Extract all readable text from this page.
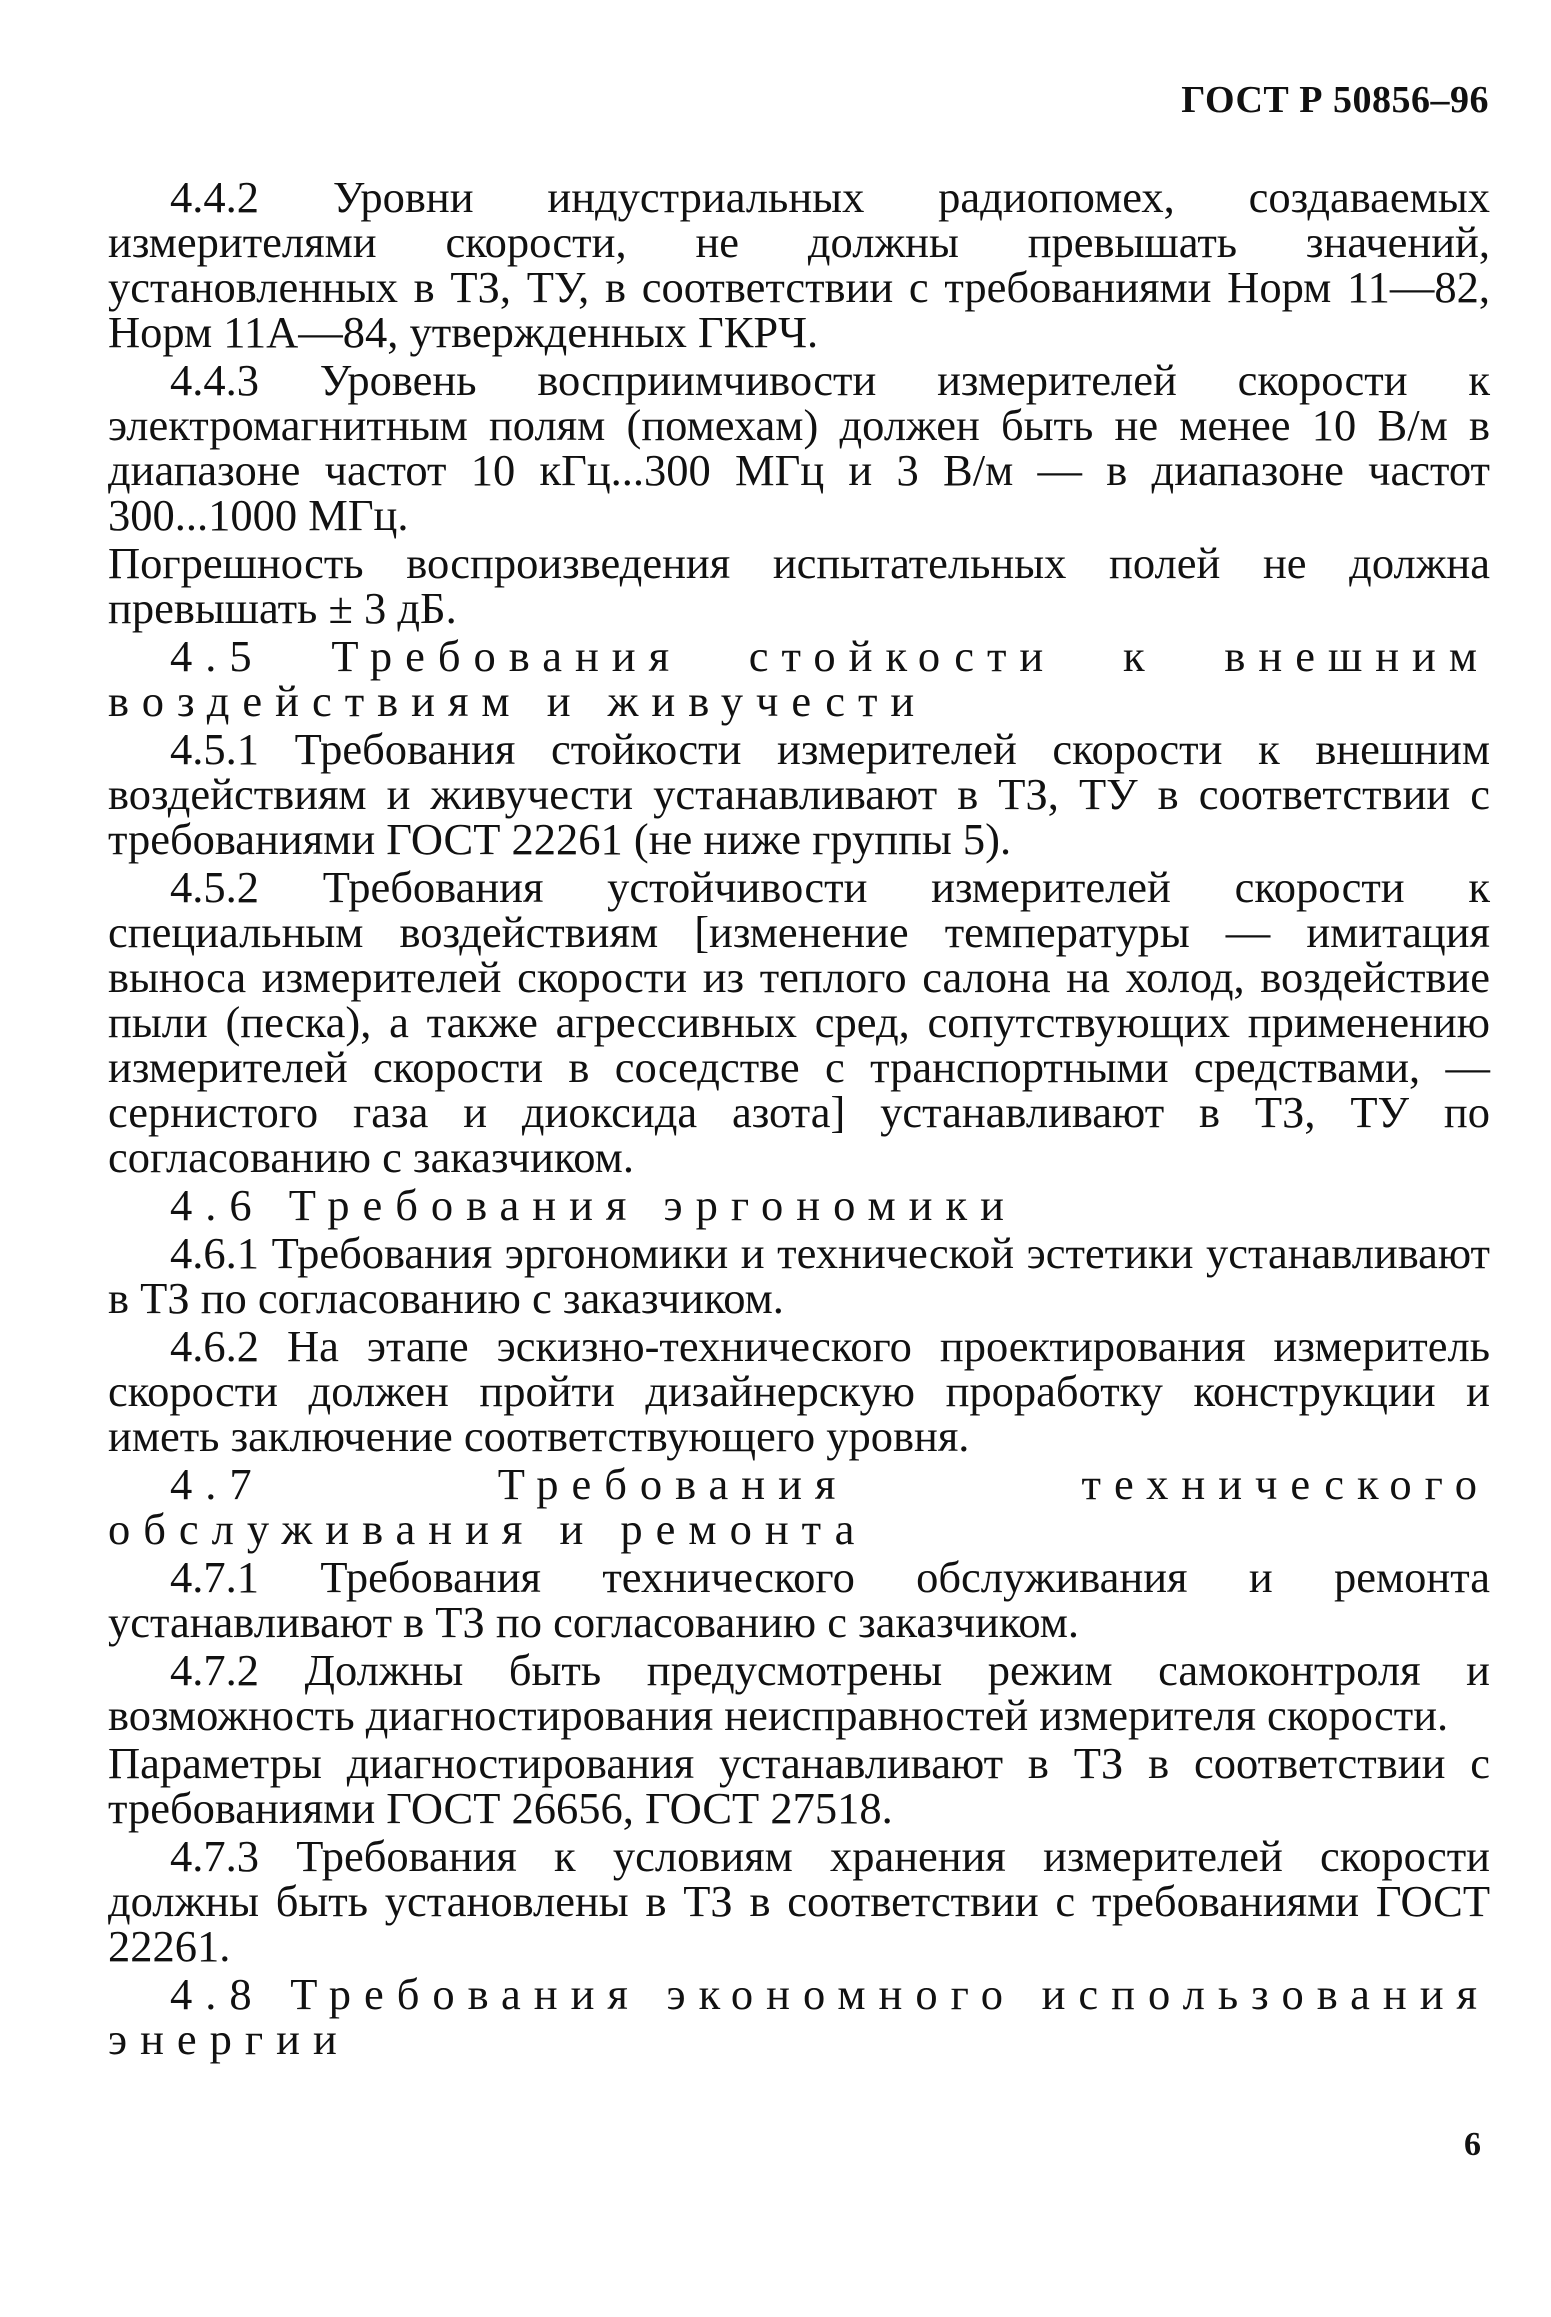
ГОСТ Р 50856–96

4.4.2 Уровни индустриальных радиопомех, создаваемых измерителями скорости, не должны превышать значений, установленных в ТЗ, ТУ, в соответствии с требованиями Норм 11—82, Норм 11А—84, утвержденных ГКРЧ.

4.4.3 Уровень восприимчивости измерителей скорости к электромагнитным полям (помехам) должен быть не менее 10 В/м в диапазоне частот 10 кГц...300 МГц и 3 В/м — в диапазоне частот 300...1000 МГц.

Погрешность воспроизведения испытательных полей не должна превышать ± 3 дБ.

4.5 Требования стойкости к внешним воздействиям и живучести

4.5.1 Требования стойкости измерителей скорости к внешним воздействиям и живучести устанавливают в ТЗ, ТУ в соответствии с требованиями ГОСТ 22261 (не ниже группы 5).

4.5.2 Требования устойчивости измерителей скорости к специальным воздействиям [изменение температуры — имитация выноса измерителей скорости из теплого салона на холод, воздействие пыли (песка), а также агрессивных сред, сопутствующих применению измерителей скорости в соседстве с транспортными средствами, — сернистого газа и диоксида азота] устанавливают в ТЗ, ТУ по согласованию с заказчиком.

4.6 Требования эргономики

4.6.1 Требования эргономики и технической эстетики устанавливают в ТЗ по согласованию с заказчиком.

4.6.2 На этапе эскизно-технического проектирования измеритель скорости должен пройти дизайнерскую проработку конструкции и иметь заключение соответствующего уровня.

4.7 Требования технического обслуживания и ремонта

4.7.1 Требования технического обслуживания и ремонта устанавливают в ТЗ по согласованию с заказчиком.

4.7.2 Должны быть предусмотрены режим самоконтроля и возможность диагностирования неисправностей измерителя скорости.

Параметры диагностирования устанавливают в ТЗ в соответствии с требованиями ГОСТ 26656, ГОСТ 27518.

4.7.3 Требования к условиям хранения измерителей скорости должны быть установлены в ТЗ в соответствии с требованиями ГОСТ 22261.

4.8 Требования экономного использования энергии

6
